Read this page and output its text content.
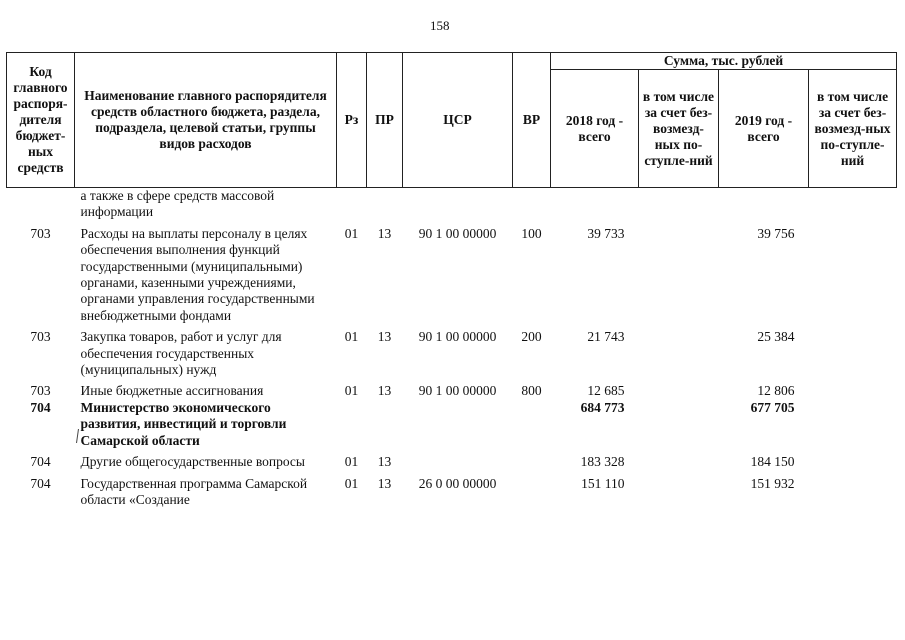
158
Код главного распоря-дителя бюджет-ных средств	Наименование главного распорядителя средств областного бюджета, раздела, подраздела, целевой статьи, группы видов расходов	Рз	ПР	ЦСР	ВР	Сумма, тыс. рублей			
						2018 год - всего	в том числе за счет без-возмезд-ных по-ступле-ний	2019 год - всего	в том числе за счет без-возмезд-ных по-ступле-ний
	а также в сфере средств массовой информации								
703	Расходы на выплаты персоналу в целях обеспечения выполнения функций государственными (муниципальными) органами, казенными учреждениями, органами управления государственными внебюджетными фондами	01	13	90 1 00 00000	100	39 733		39 756	
703	Закупка товаров, работ и услуг для обеспечения государственных (муниципальных) нужд	01	13	90 1 00 00000	200	21 743		25 384	
703	Иные бюджетные ассигнования	01	13	90 1 00 00000	800	12 685		12 806	
704	Министерство экономического развития, инвестиций и торговли Самарской области					684 773		677 705	
704	Другие общегосударственные вопросы	01	13			183 328		184 150	
704	Государственная программа Самарской области «Создание	01	13	26 0 00 00000		151 110		151 932	
